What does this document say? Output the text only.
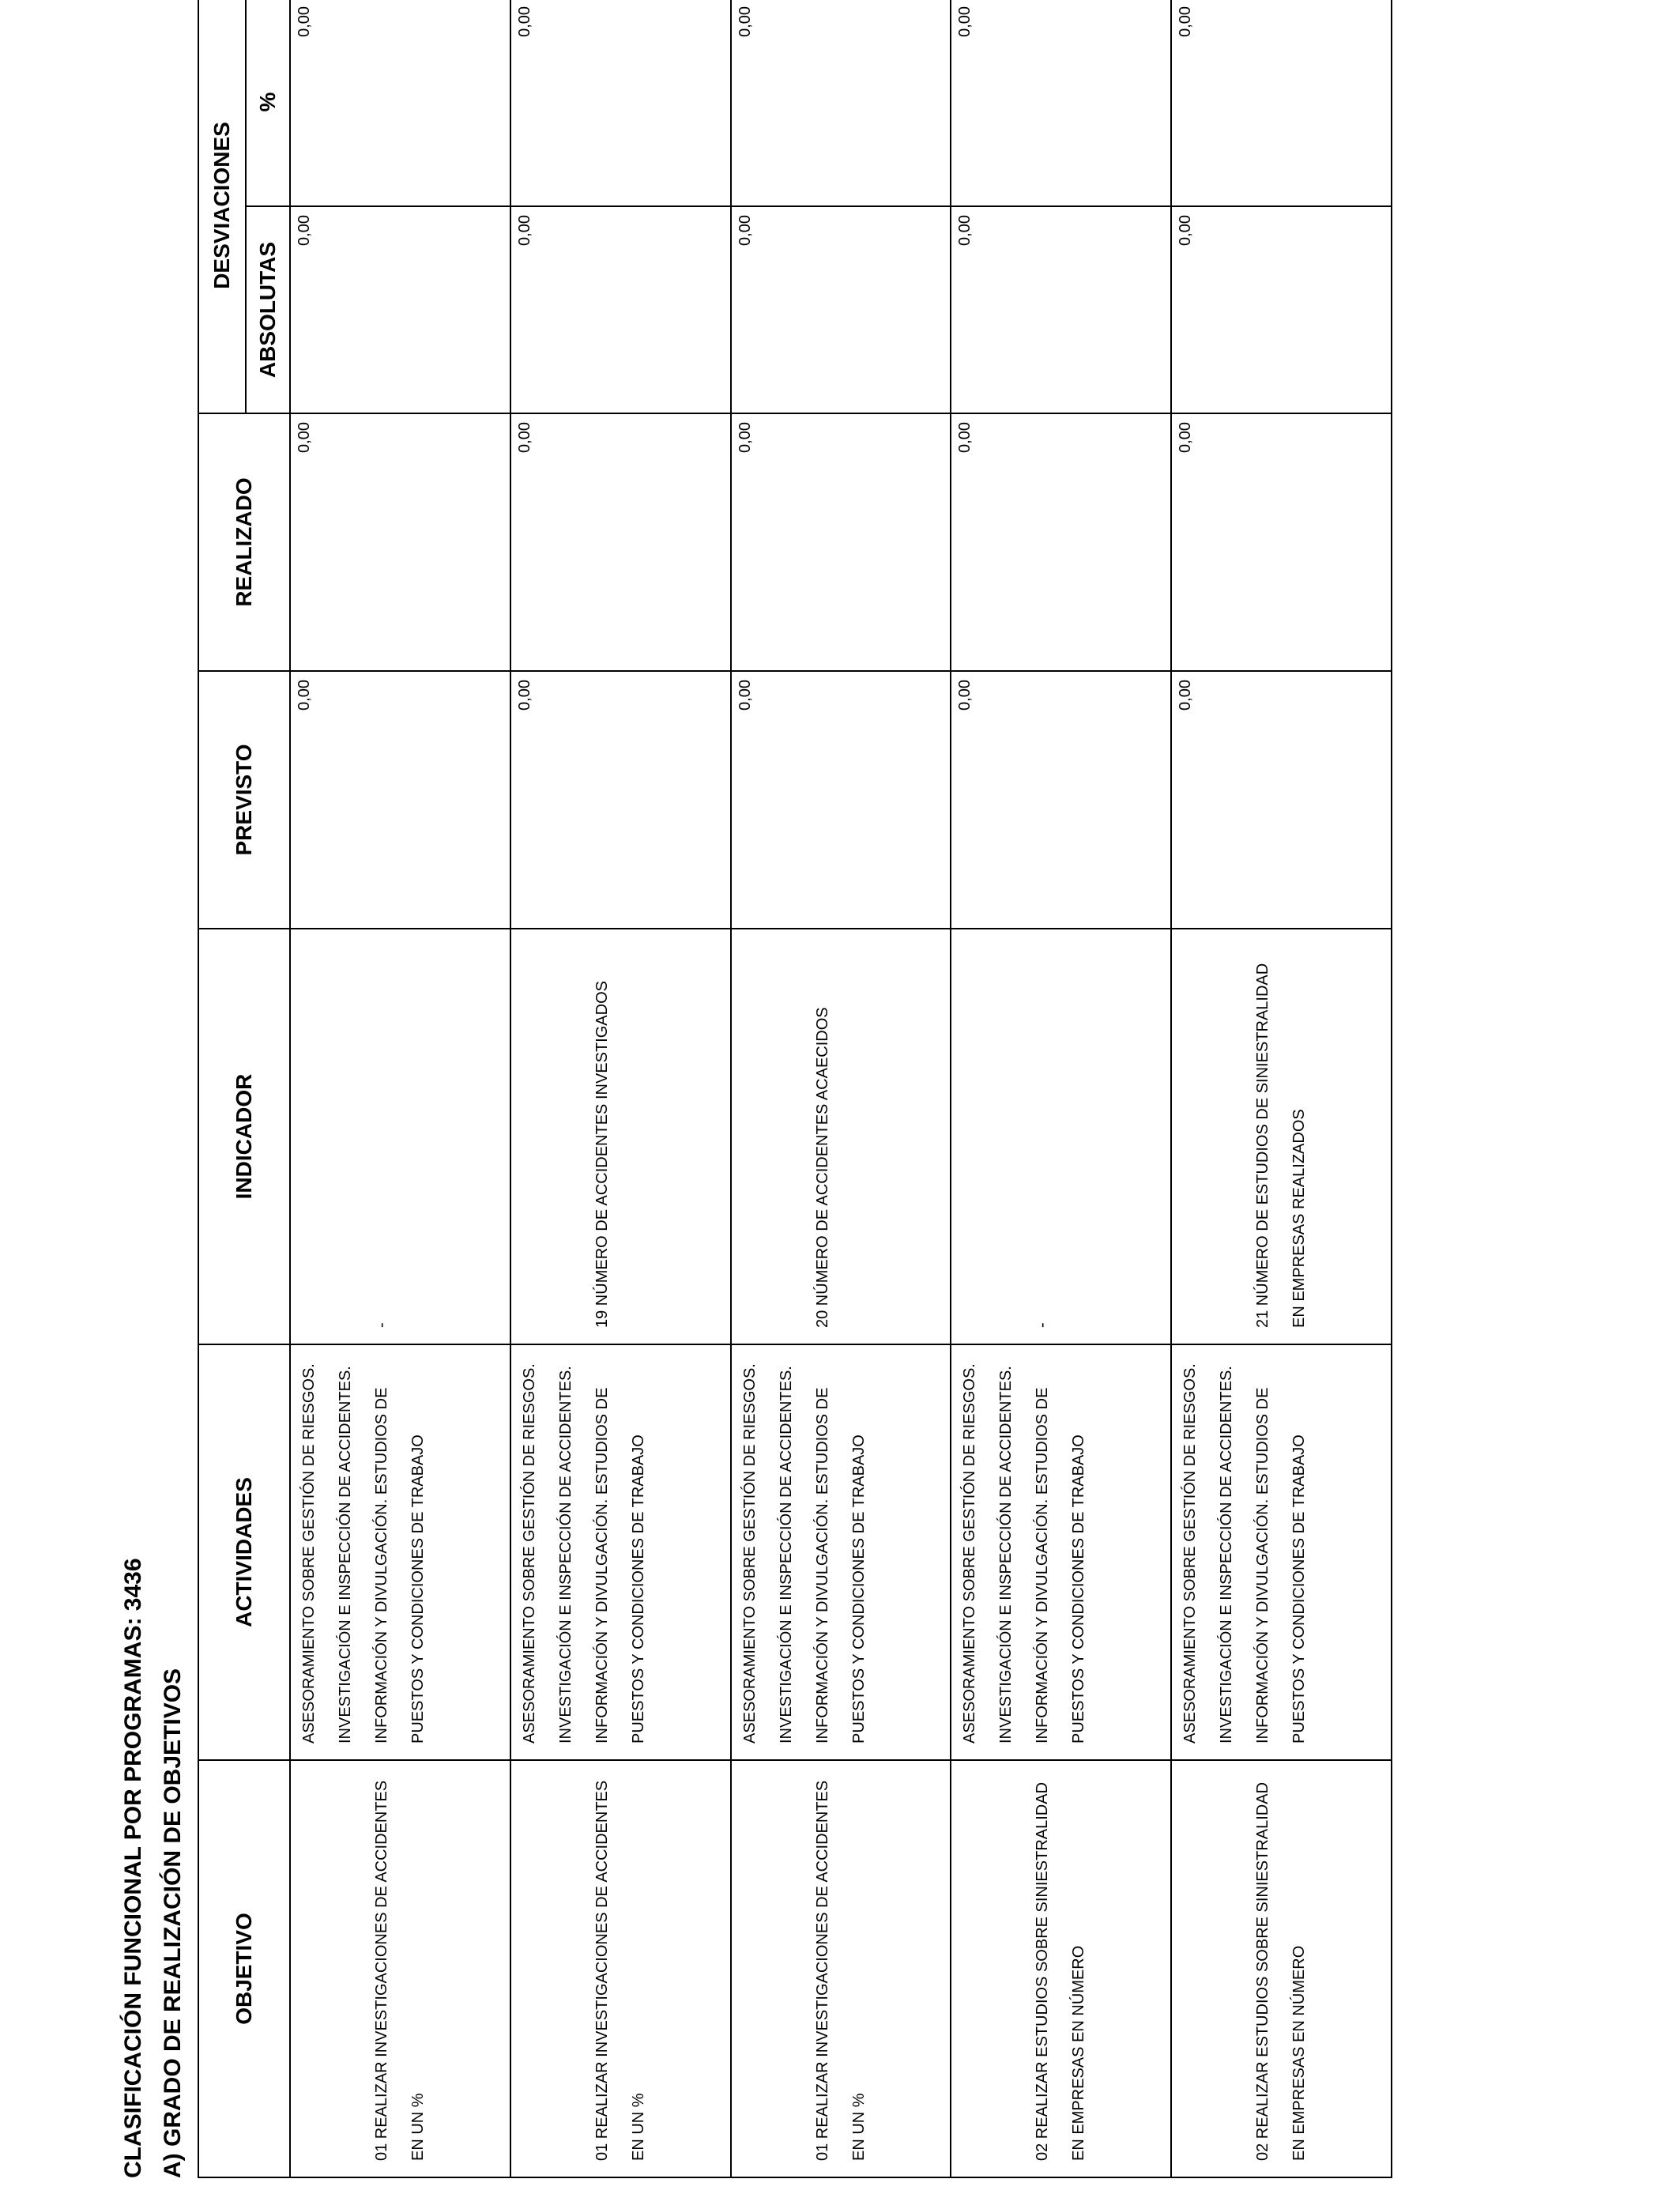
CLASIFICACIÓN FUNCIONAL POR PROGRAMAS: 3436 A) GRADO DE REALIZACIÓN DE OBJETIVOS OBJETIVO	ACTIVIDADES	INDICADOR	PREVISTO	REALIZADO	DESVIACIONES	
					ABSOLUTAS	%

01 REALIZAR INVESTIGACIONES DE ACCIDENTES EN UN %	ASESORAMIENTO SOBRE GESTIÓN DE RIESGOS. INVESTIGACIÓN E INSPECCIÓN DE ACCIDENTES. INFORMACIÓN Y DIVULGACIÓN. ESTUDIOS DE PUESTOS Y CONDICIONES DE TRABAJO	-	0,00	0,00	0,00	0,00

01 REALIZAR INVESTIGACIONES DE ACCIDENTES EN UN %	ASESORAMIENTO SOBRE GESTIÓN DE RIESGOS. INVESTIGACIÓN E INSPECCIÓN DE ACCIDENTES. INFORMACIÓN Y DIVULGACIÓN. ESTUDIOS DE PUESTOS Y CONDICIONES DE TRABAJO	19 NÚMERO DE ACCIDENTES INVESTIGADOS	0,00	0,00	0,00	0,00

01 REALIZAR INVESTIGACIONES DE ACCIDENTES EN UN %	ASESORAMIENTO SOBRE GESTIÓN DE RIESGOS. INVESTIGACIÓN E INSPECCIÓN DE ACCIDENTES. INFORMACIÓN Y DIVULGACIÓN. ESTUDIOS DE PUESTOS Y CONDICIONES DE TRABAJO	20 NÚMERO DE ACCIDENTES ACAECIDOS	0,00	0,00	0,00	0,00

02 REALIZAR ESTUDIOS SOBRE SINIESTRALIDAD EN EMPRESAS EN NÚMERO	ASESORAMIENTO SOBRE GESTIÓN DE RIESGOS. INVESTIGACIÓN E INSPECCIÓN DE ACCIDENTES. INFORMACIÓN Y DIVULGACIÓN. ESTUDIOS DE PUESTOS Y CONDICIONES DE TRABAJO	-	0,00	0,00	0,00	0,00

02 REALIZAR ESTUDIOS SOBRE SINIESTRALIDAD EN EMPRESAS EN NÚMERO	ASESORAMIENTO SOBRE GESTIÓN DE RIESGOS. INVESTIGACIÓN E INSPECCIÓN DE ACCIDENTES. INFORMACIÓN Y DIVULGACIÓN. ESTUDIOS DE PUESTOS Y CONDICIONES DE TRABAJO	21 NÚMERO DE ESTUDIOS DE SINIESTRALIDAD EN EMPRESAS REALIZADOS	0,00	0,00	0,00	0,00
